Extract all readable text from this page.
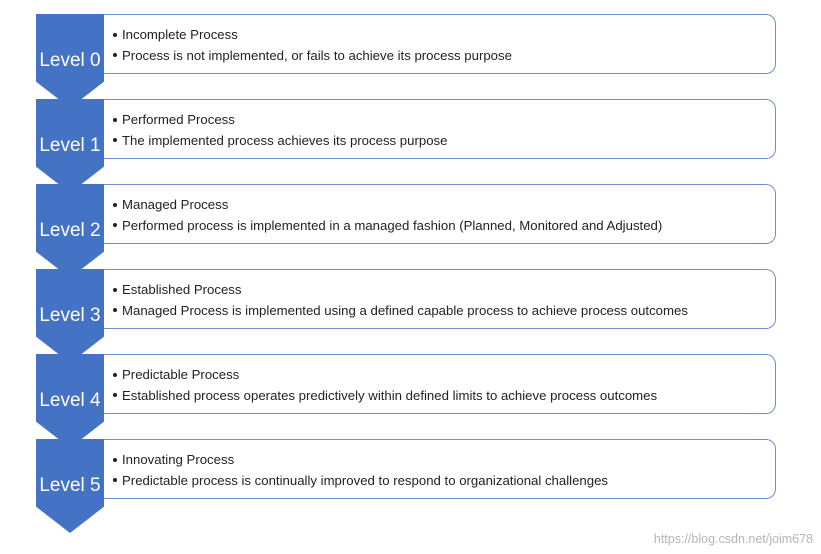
Level 0
Incomplete Process
Process is not implemented, or fails to achieve its process purpose
Level 1
Performed Process
The implemented process achieves its process purpose
Level 2
Managed Process
Performed process is implemented in a managed fashion (Planned, Monitored and Adjusted)
Level 3
Established Process
Managed Process is implemented using a defined capable process to achieve process outcomes
Level 4
Predictable Process
Established process operates predictively within defined limits to achieve process outcomes
Level 5
Innovating Process
Predictable process is continually improved to respond to organizational challenges
https://blog.csdn.net/joim678
